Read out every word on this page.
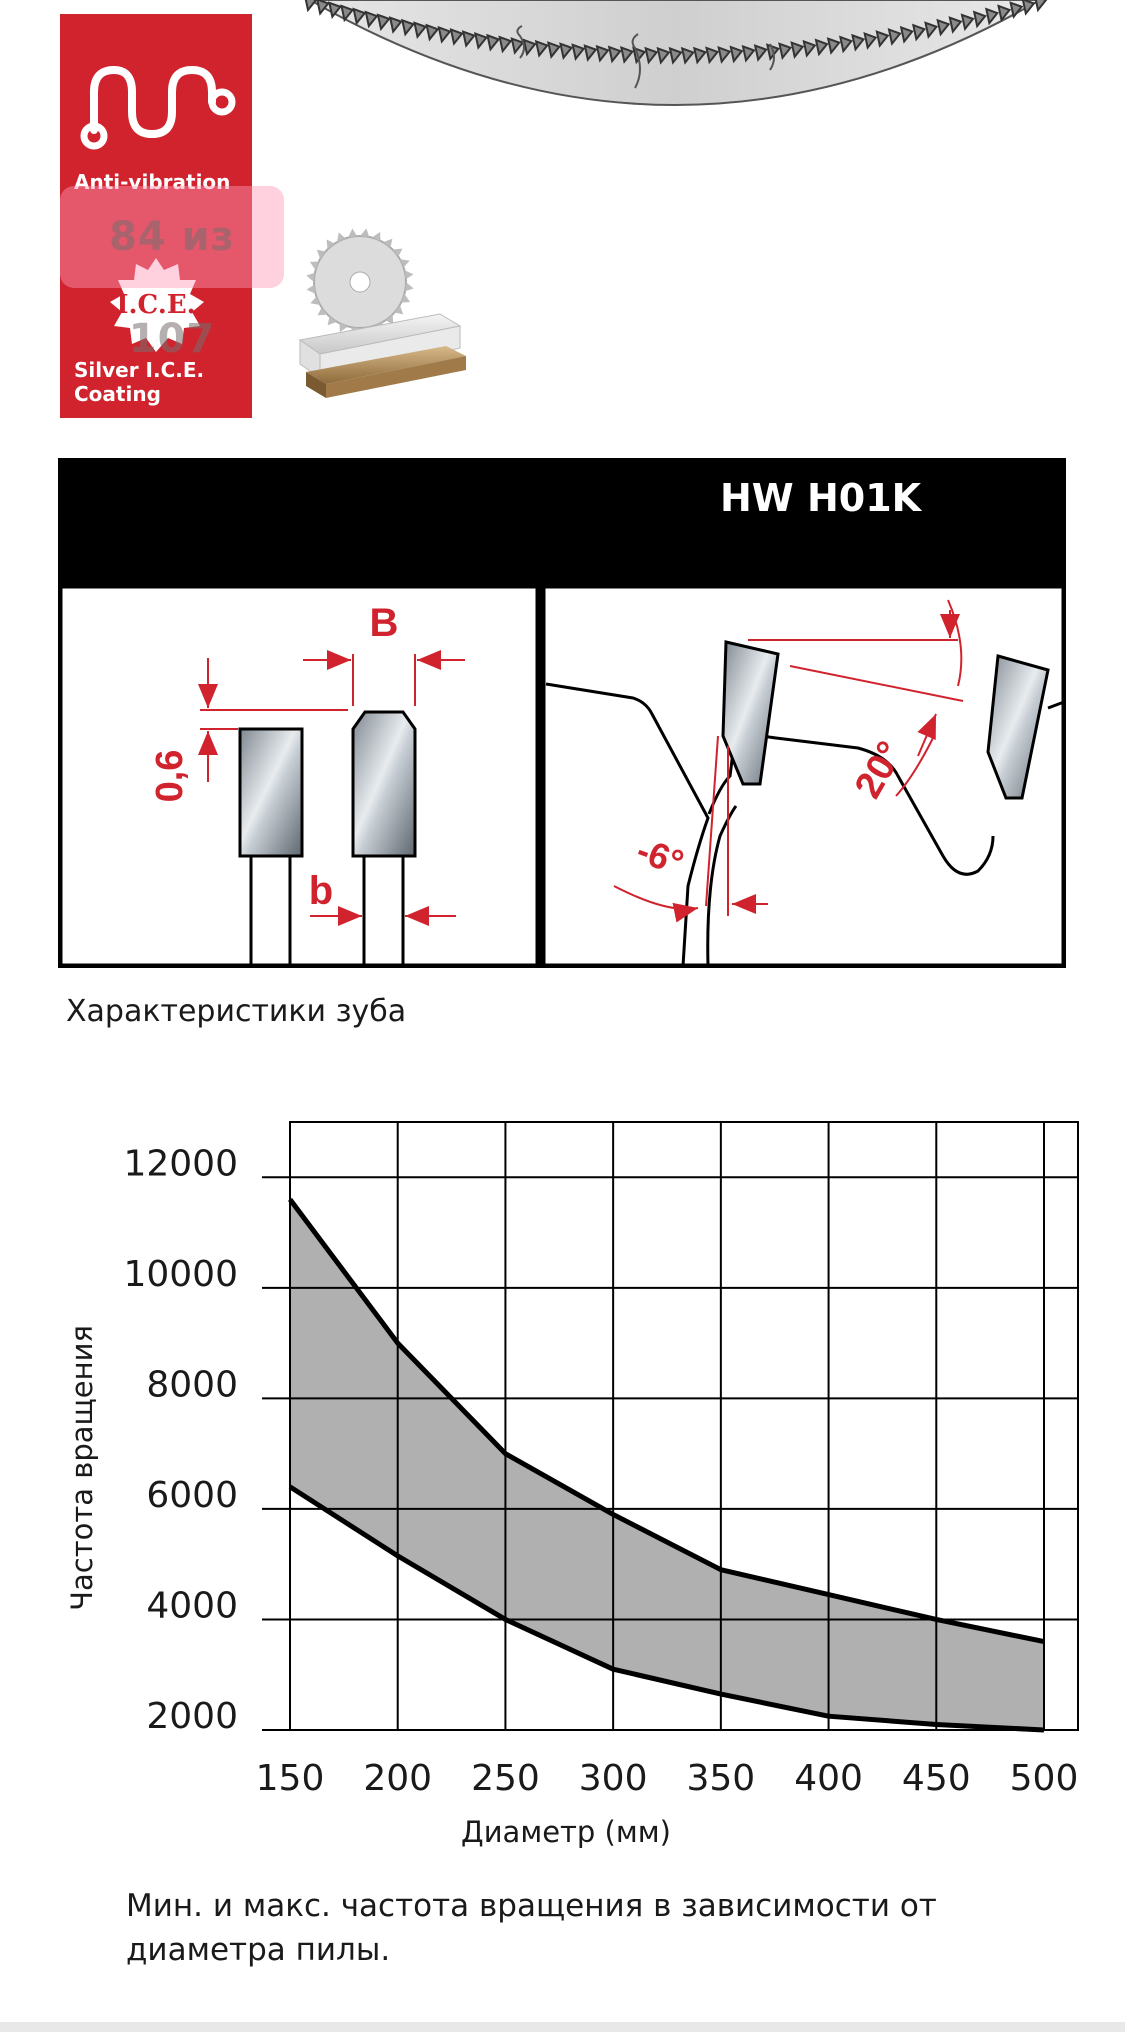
Anti-vibration
I.C.E.
Silver I.C.E. Coating
84 из 107
HW H01K
B
b
0,6	20°
-6°
Характеристики зуба
2000
4000
6000
8000
10000
12000
150 200 250 300 350 400 450 500
Диаметр (мм)
Частота вращения
Мин. и макс. частота вращения в зависимости от диаметра пилы.
